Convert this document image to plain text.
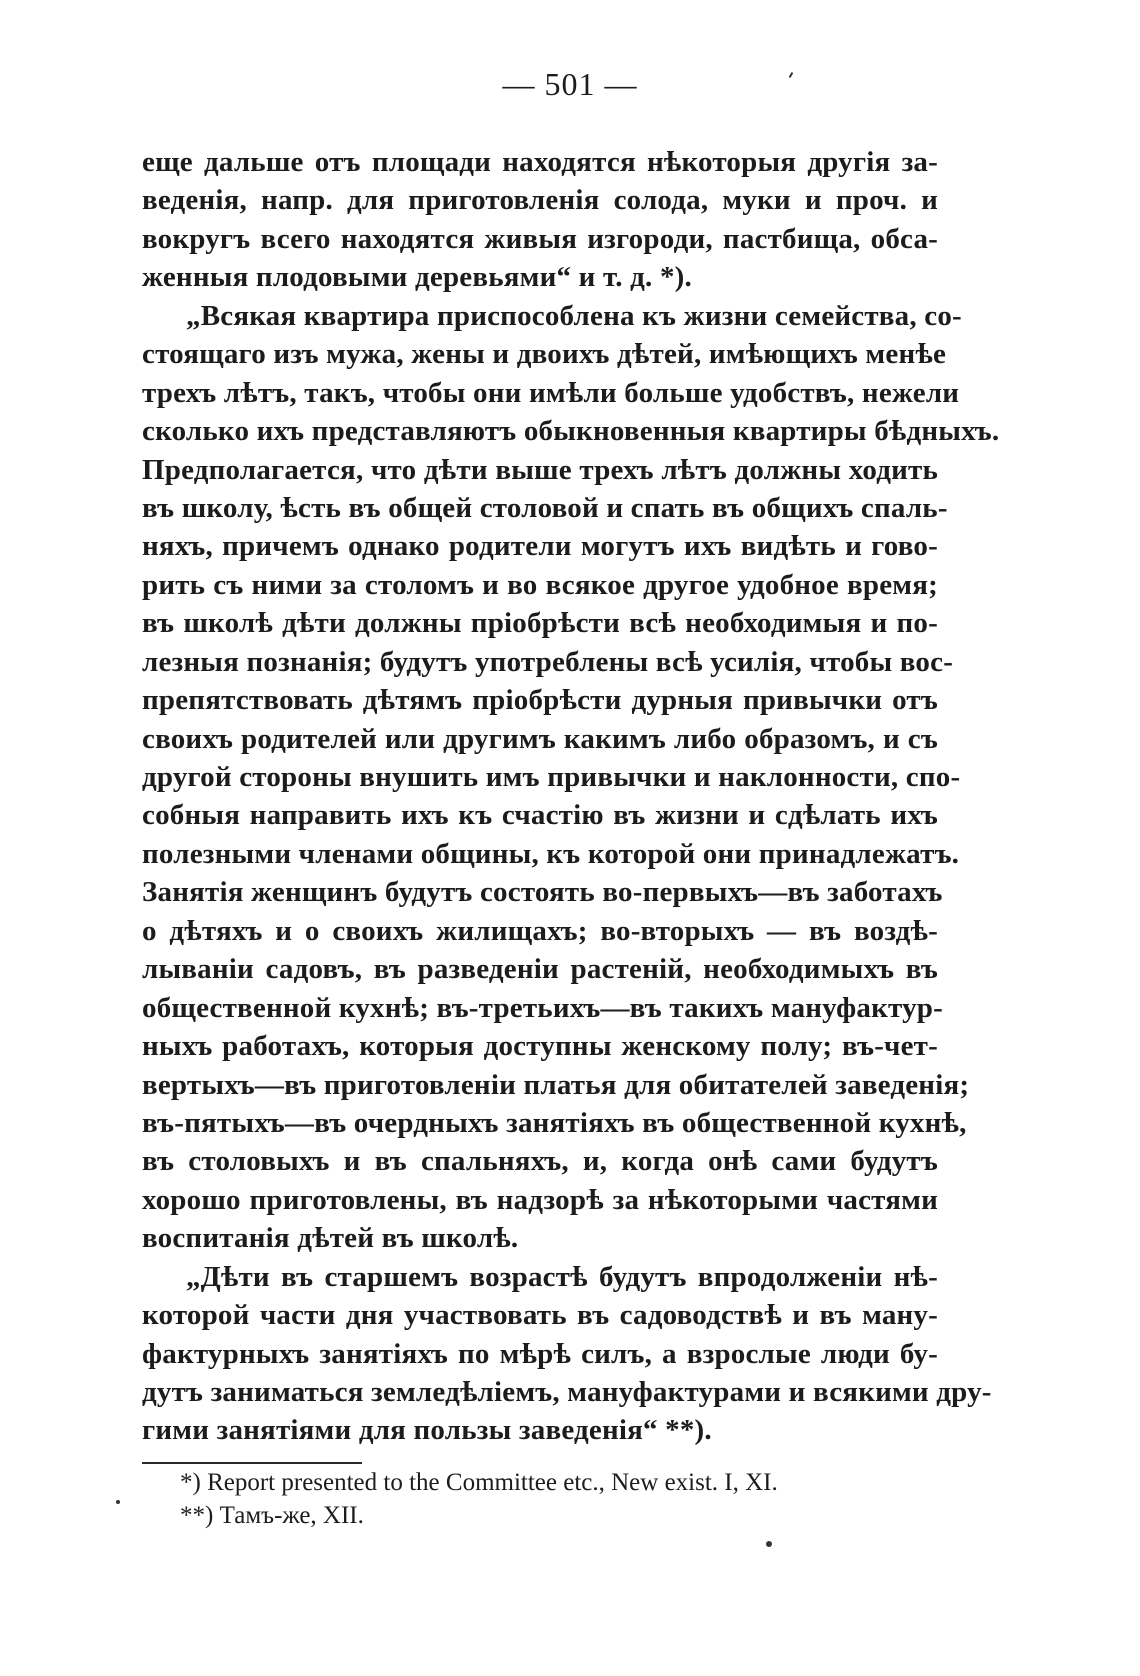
— 501 —
еще дальше отъ площади находятся нѣкоторыя другія за-
веденія, напр. для приготовленія солода, муки и проч. и
вокругъ всего находятся живыя изгороди, пастбища, обса-
женныя плодовыми деревьями“ и т. д. *).
„Всякая квартира приспособлена къ жизни семейства, со-
стоящаго изъ мужа, жены и двоихъ дѣтей, имѣющихъ менѣе
трехъ лѣтъ, такъ, чтобы они имѣли больше удобствъ, нежели
сколько ихъ представляютъ обыкновенныя квартиры бѣдныхъ.
Предполагается, что дѣти выше трехъ лѣтъ должны ходить
въ школу, ѣсть въ общей столовой и спать въ общихъ спаль-
няхъ, причемъ однако родители могутъ ихъ видѣть и гово-
рить съ ними за столомъ и во всякое другое удобное время;
въ школѣ дѣти должны пріобрѣсти всѣ необходимыя и по-
лезныя познанія; будутъ употреблены всѣ усилія, чтобы вос-
препятствовать дѣтямъ пріобрѣсти дурныя привычки отъ
своихъ родителей или другимъ какимъ либо образомъ, и съ
другой стороны внушить имъ привычки и наклонности, спо-
собныя направить ихъ къ счастію въ жизни и сдѣлать ихъ
полезными членами общины, къ которой они принадлежатъ.
Занятія женщинъ будутъ состоять во-первыхъ—въ заботахъ
о дѣтяхъ и о своихъ жилищахъ; во-вторыхъ — въ воздѣ-
лываніи садовъ, въ разведеніи растеній, необходимыхъ въ
общественной кухнѣ; въ-третьихъ—въ такихъ мануфактур-
ныхъ работахъ, которыя доступны женскому полу; въ-чет-
вертыхъ—въ приготовленіи платья для обитателей заведенія;
въ-пятыхъ—въ очердныхъ занятіяхъ въ общественной кухнѣ,
въ столовыхъ и въ спальняхъ, и, когда онѣ сами будутъ
хорошо приготовлены, въ надзорѣ за нѣкоторыми частями
воспитанія дѣтей въ школѣ.
„Дѣти въ старшемъ возрастѣ будутъ впродолженіи нѣ-
которой части дня участвовать въ садоводствѣ и въ ману-
фактурныхъ занятіяхъ по мѣрѣ силъ, а взрослые люди бу-
дутъ заниматься земледѣліемъ, мануфактурами и всякими дру-
гими занятіями для пользы заведенія“ **).
*) Report presented to the Committee etc., New exist. I, XI.
**) Тамъ-же, XII.
